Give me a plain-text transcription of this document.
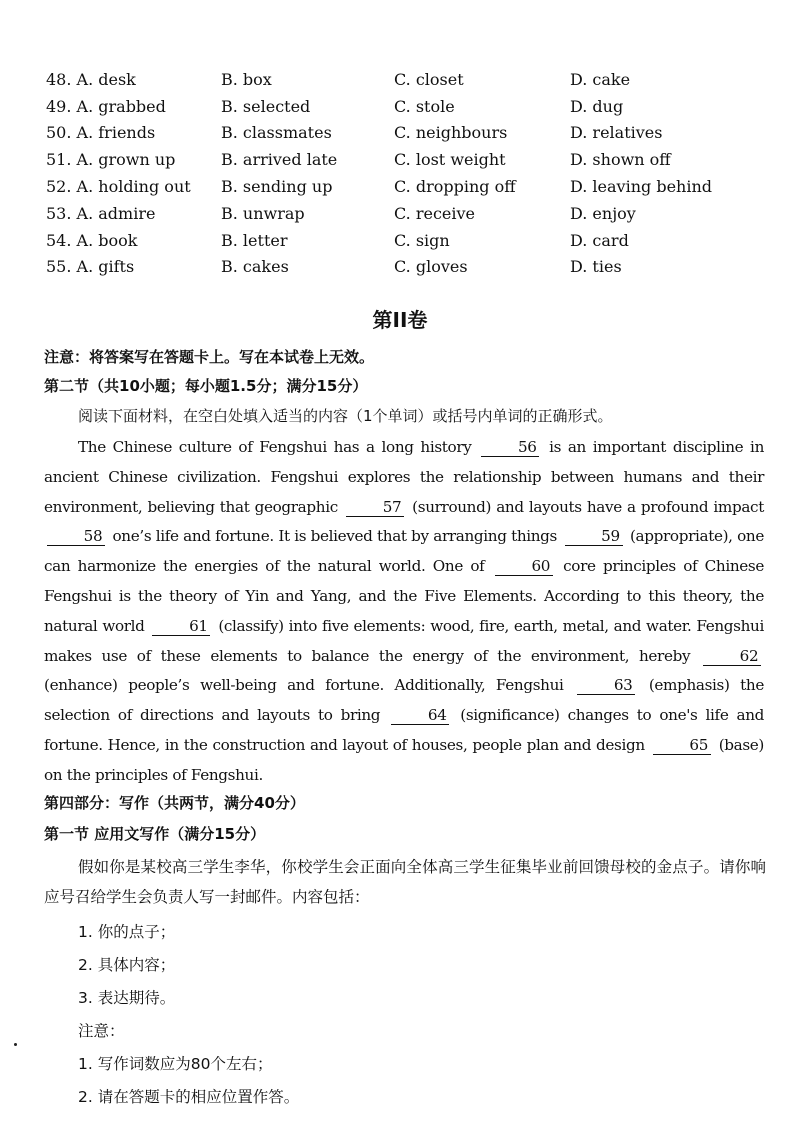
48. A. desk	B. box	C. closet	D. cake
49. A. grabbed	B. selected	C. stole	D. dug
50. A. friends	B. classmates	C. neighbours	D. relatives
51. A. grown up	B. arrived late	C. lost weight	D. shown off
52. A. holding out	B. sending up	C. dropping off	D. leaving behind
53. A. admire	B. unwrap	C. receive	D. enjoy
54. A. book	B. letter	C. sign	D. card
55. A. gifts	B. cakes	C. gloves	D. ties
第II卷
注意：将答案写在答题卡上。写在本试卷上无效。
第二节（共10小题；每小题1.5分；满分15分）
阅读下面材料，在空白处填入适当的内容（1个单词）或括号内单词的正确形式。

The Chinese culture of Fengshui has a long history	56 is an important discipline in ancient Chinese civilization. Fengshui explores the relationship between humans and their environment, believing that geographic	57 (surround) and layouts have a profound impact 58 one’s life and fortune. It is believed that by arranging things	59 (appropriate), one can harmonize the energies of the natural world. One of	60 core principles of Chinese Fengshui is the theory of Yin and Yang, and the Five Elements. According to this theory, the natural world	61 (classify) into five elements: wood, fire, earth, metal, and water. Fengshui makes use of these elements to balance the energy of the environment, hereby	62 (enhance) people’s well-being and fortune. Additionally, Fengshui	63 (emphasis) the selection of directions and layouts to bring	64 (significance) changes to one's life and fortune. Hence, in the construction and layout of houses, people plan and design	65 (base) on the principles of Fengshui.

第四部分：写作（共两节，满分40分）
第一节 应用文写作（满分15分）

假如你是某校高三学生李华，你校学生会正面向全体高三学生征集毕业前回馈母校的金点子。请你响应号召给学生会负责人写一封邮件。内容包括：

1. 你的点子；
2. 具体内容；
3. 表达期待。
注意：
1. 写作词数应为80个左右；
2. 请在答题卡的相应位置作答。
